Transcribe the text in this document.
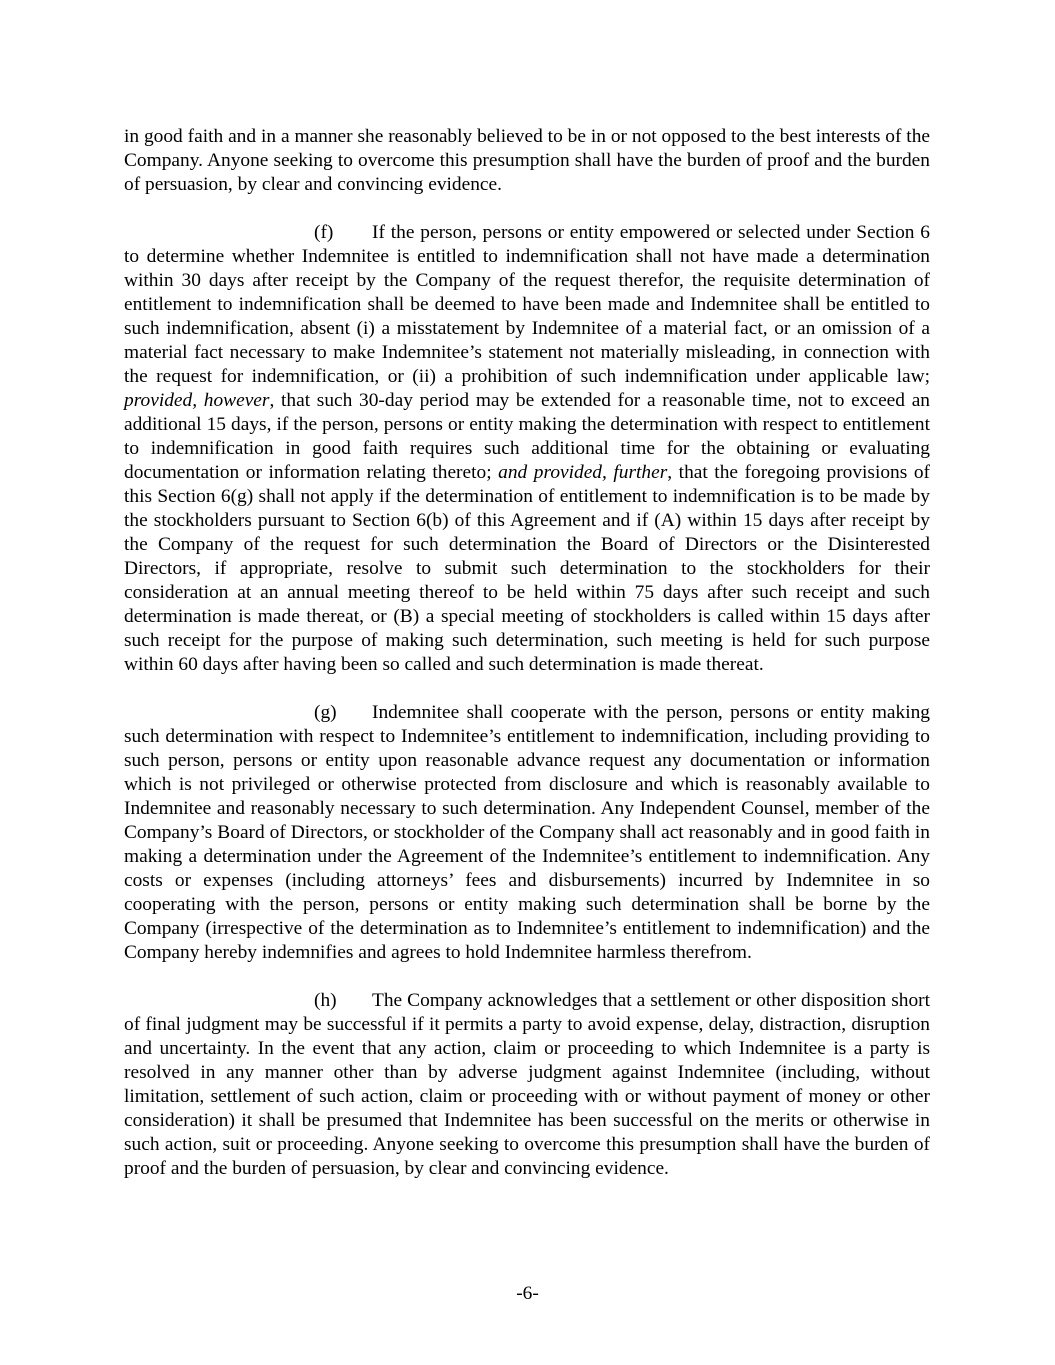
in good faith and in a manner she reasonably believed to be in or not opposed to the best interests of the Company. Anyone seeking to overcome this presumption shall have the burden of proof and the burden of persuasion, by clear and convincing evidence.

(f) If the person, persons or entity empowered or selected under Section 6 to determine whether Indemnitee is entitled to indemnification shall not have made a determination within 30 days after receipt by the Company of the request therefor, the requisite determination of entitlement to indemnification shall be deemed to have been made and Indemnitee shall be entitled to such indemnification, absent (i) a misstatement by Indemnitee of a material fact, or an omission of a material fact necessary to make Indemnitee’s statement not materially misleading, in connection with the request for indemnification, or (ii) a prohibition of such indemnification under applicable law; provided, however, that such 30-day period may be extended for a reasonable time, not to exceed an additional 15 days, if the person, persons or entity making the determination with respect to entitlement to indemnification in good faith requires such additional time for the obtaining or evaluating documentation or information relating thereto; and provided, further, that the foregoing provisions of this Section 6(g) shall not apply if the determination of entitlement to indemnification is to be made by the stockholders pursuant to Section 6(b) of this Agreement and if (A) within 15 days after receipt by the Company of the request for such determination the Board of Directors or the Disinterested Directors, if appropriate, resolve to submit such determination to the stockholders for their consideration at an annual meeting thereof to be held within 75 days after such receipt and such determination is made thereat, or (B) a special meeting of stockholders is called within 15 days after such receipt for the purpose of making such determination, such meeting is held for such purpose within 60 days after having been so called and such determination is made thereat.

(g) Indemnitee shall cooperate with the person, persons or entity making such determination with respect to Indemnitee’s entitlement to indemnification, including providing to such person, persons or entity upon reasonable advance request any documentation or information which is not privileged or otherwise protected from disclosure and which is reasonably available to Indemnitee and reasonably necessary to such determination. Any Independent Counsel, member of the Company’s Board of Directors, or stockholder of the Company shall act reasonably and in good faith in making a determination under the Agreement of the Indemnitee’s entitlement to indemnification. Any costs or expenses (including attorneys’ fees and disbursements) incurred by Indemnitee in so cooperating with the person, persons or entity making such determination shall be borne by the Company (irrespective of the determination as to Indemnitee’s entitlement to indemnification) and the Company hereby indemnifies and agrees to hold Indemnitee harmless therefrom.

(h) The Company acknowledges that a settlement or other disposition short of final judgment may be successful if it permits a party to avoid expense, delay, distraction, disruption and uncertainty. In the event that any action, claim or proceeding to which Indemnitee is a party is resolved in any manner other than by adverse judgment against Indemnitee (including, without limitation, settlement of such action, claim or proceeding with or without payment of money or other consideration) it shall be presumed that Indemnitee has been successful on the merits or otherwise in such action, suit or proceeding. Anyone seeking to overcome this presumption shall have the burden of proof and the burden of persuasion, by clear and convincing evidence.

-6-
